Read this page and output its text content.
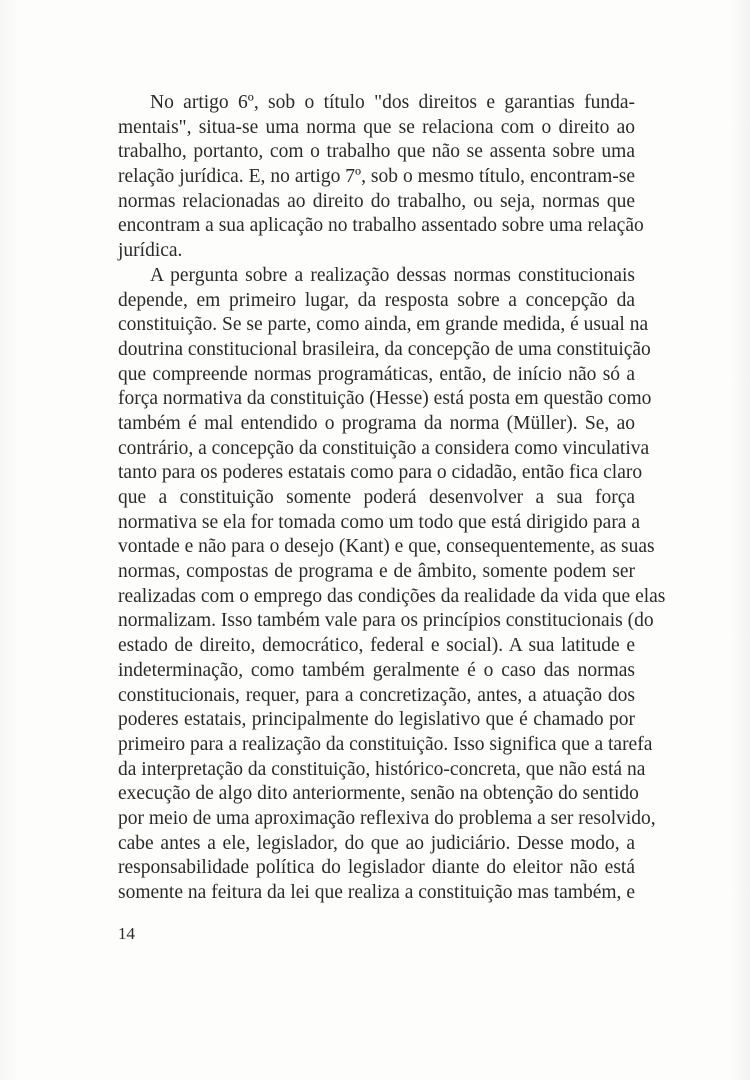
No artigo 6º, sob o título "dos direitos e garantias funda-
mentais", situa-se uma norma que se relaciona com o direito ao
trabalho, portanto, com o trabalho que não se assenta sobre uma
relação jurídica. E, no artigo 7º, sob o mesmo título, encontram-se
normas relacionadas ao direito do trabalho, ou seja, normas que
encontram a sua aplicação no trabalho assentado sobre uma relação
jurídica.
A pergunta sobre a realização dessas normas constitucionais
depende, em primeiro lugar, da resposta sobre a concepção da
constituição. Se se parte, como ainda, em grande medida, é usual na
doutrina constitucional brasileira, da concepção de uma constituição
que compreende normas programáticas, então, de início não só a
força normativa da constituição (Hesse) está posta em questão como
também é mal entendido o programa da norma (Müller). Se, ao
contrário, a concepção da constituição a considera como vinculativa
tanto para os poderes estatais como para o cidadão, então fica claro
que a constituição somente poderá desenvolver a sua força
normativa se ela for tomada como um todo que está dirigido para a
vontade e não para o desejo (Kant) e que, consequentemente, as suas
normas, compostas de programa e de âmbito, somente podem ser
realizadas com o emprego das condições da realidade da vida que elas
normalizam. Isso também vale para os princípios constitucionais (do
estado de direito, democrático, federal e social). A sua latitude e
indeterminação, como também geralmente é o caso das normas
constitucionais, requer, para a concretização, antes, a atuação dos
poderes estatais, principalmente do legislativo que é chamado por
primeiro para a realização da constituição. Isso significa que a tarefa
da interpretação da constituição, histórico-concreta, que não está na
execução de algo dito anteriormente, senão na obtenção do sentido
por meio de uma aproximação reflexiva do problema a ser resolvido,
cabe antes a ele, legislador, do que ao judiciário. Desse modo, a
responsabilidade política do legislador diante do eleitor não está
somente na feitura da lei que realiza a constituição mas também, e
14
